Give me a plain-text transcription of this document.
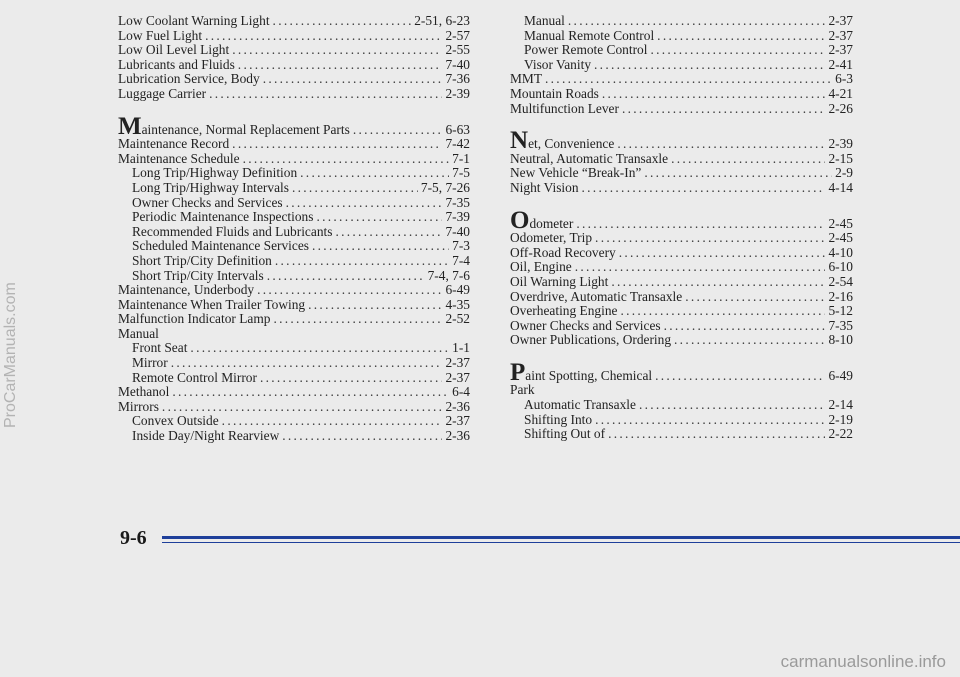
ProCarManuals.com
Low Coolant Warning Light .....	2-51, 6-23
Low Fuel Light .....	2-57
Low Oil Level Light .....	2-55
Lubricants and Fluids .....	7-40
Lubrication Service, Body .....	7-36
Luggage Carrier .....	2-39
Maintenance, Normal Replacement Parts .....	6-63
Maintenance Record .....	7-42
Maintenance Schedule .....	7-1
Long Trip/Highway Definition .....	7-5
Long Trip/Highway Intervals .....	7-5, 7-26
Owner Checks and Services .....	7-35
Periodic Maintenance Inspections .....	7-39
Recommended Fluids and Lubricants .....	7-40
Scheduled Maintenance Services .....	7-3
Short Trip/City Definition .....	7-4
Short Trip/City Intervals .....	7-4, 7-6
Maintenance, Underbody .....	6-49
Maintenance When Trailer Towing .....	4-35
Malfunction Indicator Lamp .....	2-52
Manual
Front Seat .....	1-1
Mirror .....	2-37
Remote Control Mirror .....	2-37
Methanol .....	6-4
Mirrors .....	2-36
Convex Outside .....	2-37
Inside Day/Night Rearview .....	2-36
Manual .....	2-37
Manual Remote Control .....	2-37
Power Remote Control .....	2-37
Visor Vanity .....	2-41
MMT .....	6-3
Mountain Roads .....	4-21
Multifunction Lever .....	2-26
Net, Convenience .....	2-39
Neutral, Automatic Transaxle .....	2-15
New Vehicle “Break-In” .....	2-9
Night Vision .....	4-14
Odometer .....	2-45
Odometer, Trip .....	2-45
Off-Road Recovery .....	4-10
Oil, Engine .....	6-10
Oil Warning Light .....	2-54
Overdrive, Automatic Transaxle .....	2-16
Overheating Engine .....	5-12
Owner Checks and Services .....	7-35
Owner Publications, Ordering .....	8-10
Paint Spotting, Chemical .....	6-49
Park
Automatic Transaxle .....	2-14
Shifting Into .....	2-19
Shifting Out of .....	2-22
9-6
carmanualsonline.info
